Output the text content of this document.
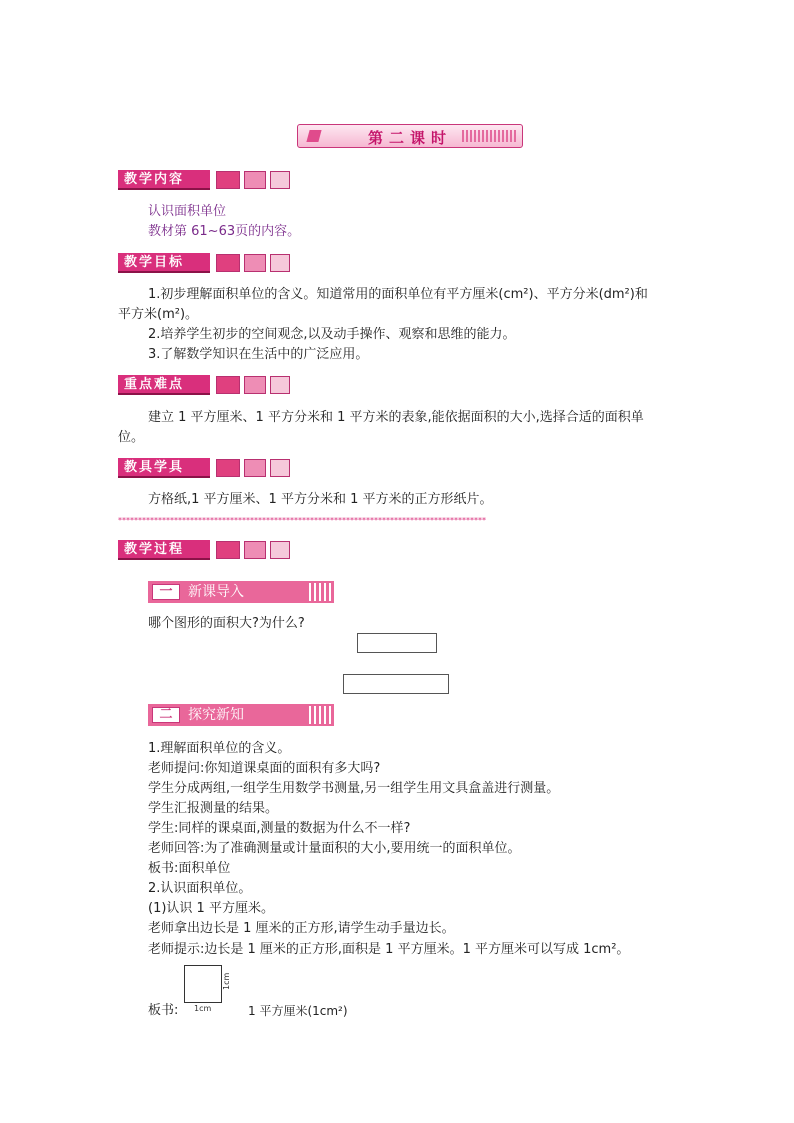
第二课时
教学内容
认识面积单位
教材第 61~63页的内容。
教学目标
1.初步理解面积单位的含义。知道常用的面积单位有平方厘米(cm²)、平方分米(dm²)和
平方米(m²)。
2.培养学生初步的空间观念,以及动手操作、观察和思维的能力。
3.了解数学知识在生活中的广泛应用。
重点难点
建立 1 平方厘米、1 平方分米和 1 平方米的表象,能依据面积的大小,选择合适的面积单
位。
教具学具
方格纸,1 平方厘米、1 平方分米和 1 平方米的正方形纸片。
********************************************************************************************
教学过程
一	新课导入
哪个图形的面积大?为什么?
二	探究新知
1.理解面积单位的含义。
老师提问:你知道课桌面的面积有多大吗?
学生分成两组,一组学生用数学书测量,另一组学生用文具盒盖进行测量。
学生汇报测量的结果。
学生:同样的课桌面,测量的数据为什么不一样?
老师回答:为了准确测量或计量面积的大小,要用统一的面积单位。
板书:面积单位
2.认识面积单位。
(1)认识 1 平方厘米。
老师拿出边长是 1 厘米的正方形,请学生动手量边长。
老师提示:边长是 1 厘米的正方形,面积是 1 平方厘米。1 平方厘米可以写成 1cm²。
1cm
1cm
板书:	1 平方厘米(1cm²)
